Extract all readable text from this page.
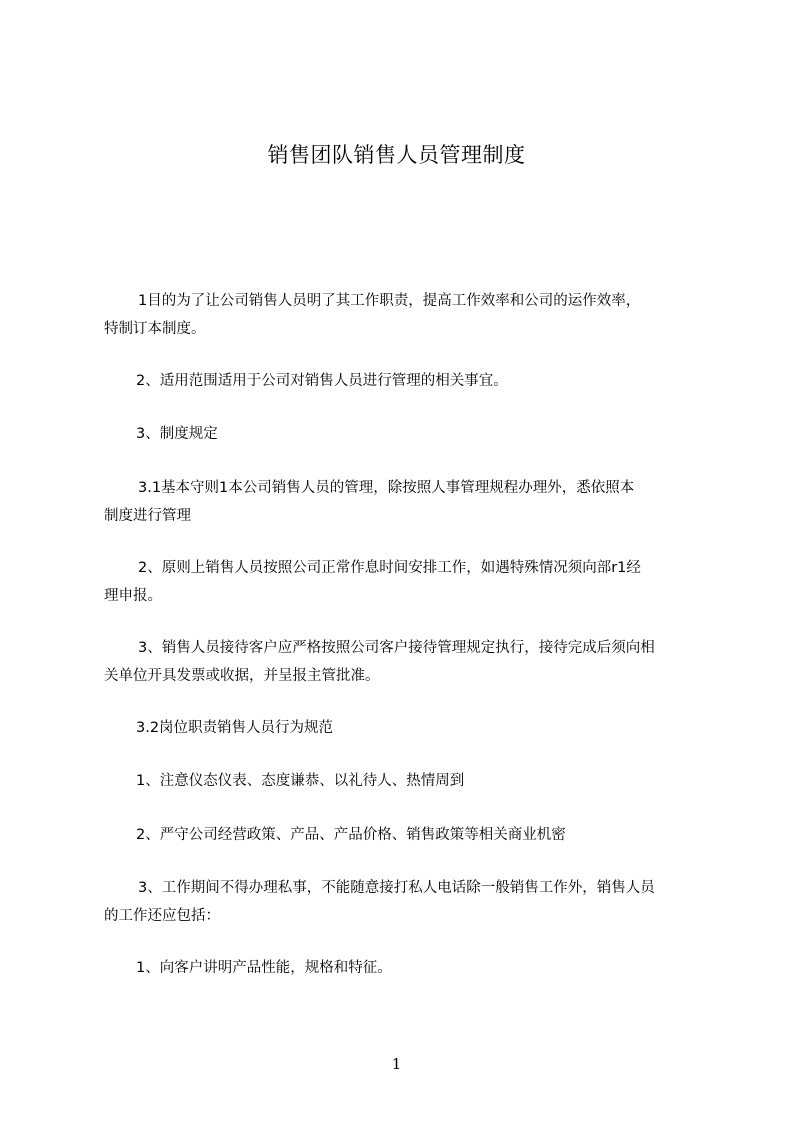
销售团队销售人员管理制度
1目的为了让公司销售人员明了其工作职责，提高工作效率和公司的运作效率，
特制订本制度。
2、适用范围适用于公司对销售人员进行管理的相关事宜。
3、制度规定
3.1基本守则1本公司销售人员的管理，除按照人事管理规程办理外，悉依照本
制度进行管理
2、原则上销售人员按照公司正常作息时间安排工作，如遇特殊情况须向部r1经
理申报。
3、销售人员接待客户应严格按照公司客户接待管理规定执行，接待完成后须向相
关单位开具发票或收据，并呈报主管批准。
3.2岗位职责销售人员行为规范
1、注意仪态仪表、态度谦恭、以礼待人、热情周到
2、严守公司经营政策、产品、产品价格、销售政策等相关商业机密
3、工作期间不得办理私事，不能随意接打私人电话除一般销售工作外，销售人员
的工作还应包括：
1、向客户讲明产品性能，规格和特征。
1
